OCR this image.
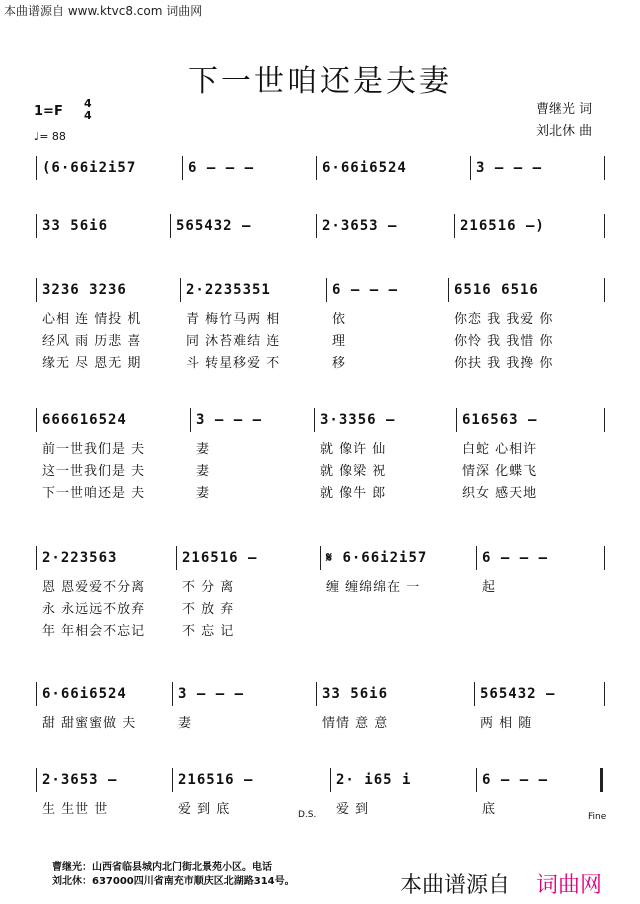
本曲谱源自 www.ktvc8.com 词曲网
下一世咱还是夫妻
1=F
4
4
♩= 88
曹继光 词
刘北休 曲
(6·66i2i57	6 — — —	6·66i6524	3 — — —
33 56i6	565432 —	2·3653 —	216516 —)
3236 3236	2·2235351	6 — — —	6516 6516
心相 连 情投 机	青 梅竹马两 相	依	你恋 我 我爱 你
经风 雨 历悲 喜	同 沐苔难结 连	理	你怜 我 我惜 你
缘无 尽 恩无 期	斗 转星移爱 不	移	你扶 我 我搀 你
666616524	3 — — —	3·3356 —	616563 —
前一世我们是 夫	妻	就 像许 仙	白蛇 心相许
这一世我们是 夫	妻	就 像梁 祝	情深 化蝶飞
下一世咱还是 夫	妻	就 像牛 郎	织女 感天地
2·223563	216516 —	𝄋 6·66i2i57	6 — — —
恩 恩爱爱不分离	不 分 离	缠 缠绵绵在 一	起
永 永远远不放弃	不 放 弃
年 年相会不忘记	不 忘 记
6·66i6524	3 — — —	33 56i6	565432 —
甜 甜蜜蜜做 夫	妻	情情 意 意	两 相 随
2·3653 —	216516 —	2· i65 i	6 — — —
生 生世 世	爱 到 底	爱 到	底
D.S.	Fine
曹继光：山西省临县城内北门街北景苑小区。电话
刘北休：637000四川省南充市顺庆区北湖路314号。	本曲谱源自 词曲网
